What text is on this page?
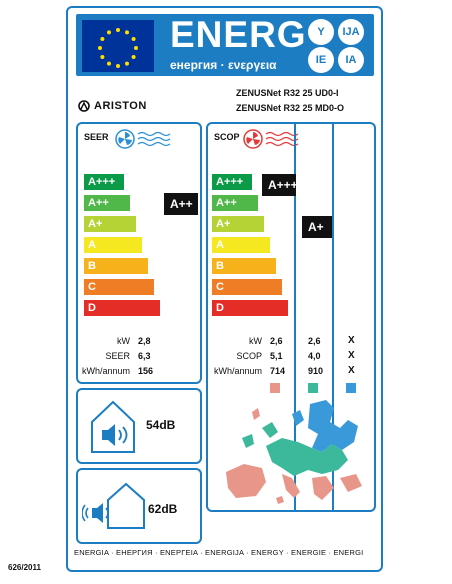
ENERG
енергия · ενεργεια
Y	IJA
IE	IA
ARISTON
ZENUSNet R32 25 UD0-I
ZENUSNet R32 25 MD0-O
SEER
A+++
A++
A+
A
B
C
D
A++
kW 2,8
SEER 6,3
kWh/annum 156
SCOP
A+++
A++
A+
A
B
C
D
A+++
A+
kW 2,6	2,6	X
SCOP 5,1	4,0	X
kWh/annum 714	910 X
54dB
62dB
ENERGIA · ЕНЕРГИЯ · ΕΝΕΡΓΕΙΑ · ENERGIJA · ENERGY · ENERGIE · ENERGI
626/2011
